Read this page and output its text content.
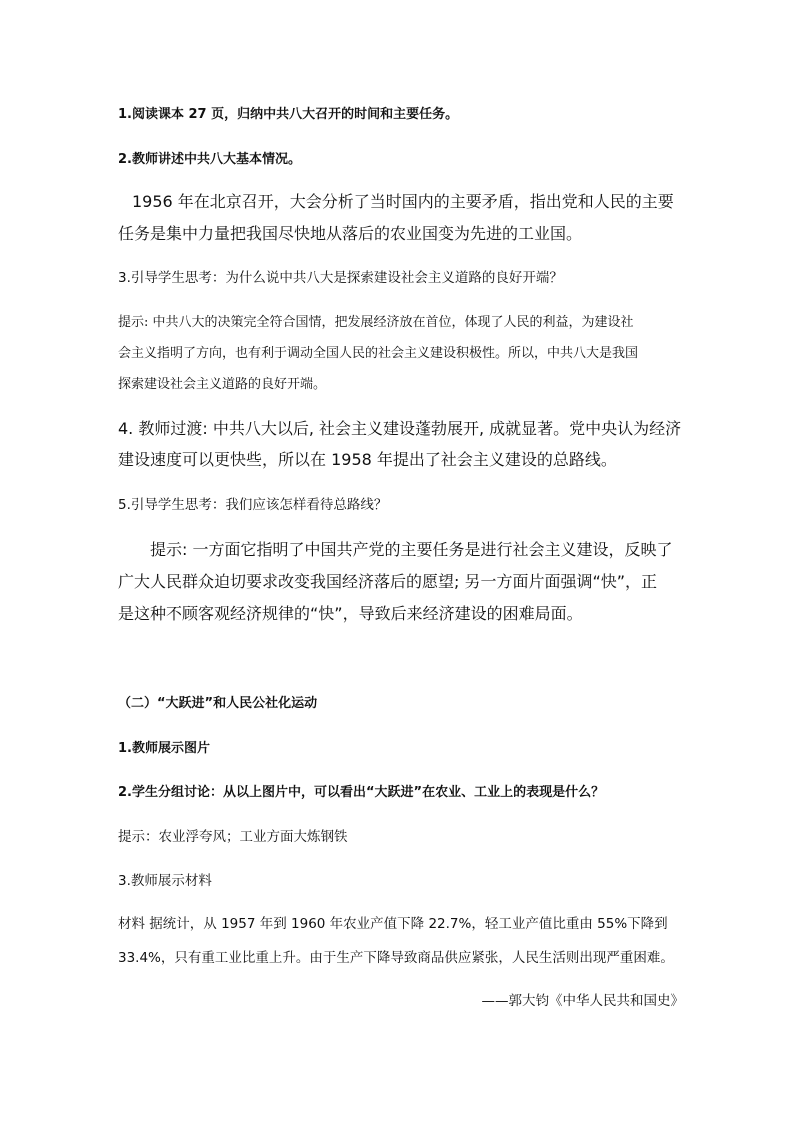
1.阅读课本 27 页，归纳中共八大召开的时间和主要任务。
2.教师讲述中共八大基本情况。
1956 年在北京召开，大会分析了当时国内的主要矛盾，指出党和人民的主要
任务是集中力量把我国尽快地从落后的农业国变为先进的工业国。
3.引导学生思考：为什么说中共八大是探索建设社会主义道路的良好开端？
提示: 中共八大的决策完全符合国情，把发展经济放在首位，体现了人民的利益，为建设社
会主义指明了方向，也有利于调动全国人民的社会主义建设积极性。所以，中共八大是我国
探索建设社会主义道路的良好开端。
4. 教师过渡: 中共八大以后, 社会主义建设蓬勃展开, 成就显著。党中央认为经济
建设速度可以更快些，所以在 1958 年提出了社会主义建设的总路线。
5.引导学生思考：我们应该怎样看待总路线？
提示: 一方面它指明了中国共产党的主要任务是进行社会主义建设，反映了
广大人民群众迫切要求改变我国经济落后的愿望; 另一方面片面强调“快”，正
是这种不顾客观经济规律的“快”，导致后来经济建设的困难局面。
（二）“大跃进”和人民公社化运动
1.教师展示图片
2.学生分组讨论：从以上图片中，可以看出“大跃进”在农业、工业上的表现是什么？
提示：农业浮夸风；工业方面大炼钢铁
3.教师展示材料
材料 据统计，从 1957 年到 1960 年农业产值下降 22.7%，轻工业产值比重由 55%下降到
33.4%，只有重工业比重上升。由于生产下降导致商品供应紧张，人民生活则出现严重困难。
——郭大钧《中华人民共和国史》
